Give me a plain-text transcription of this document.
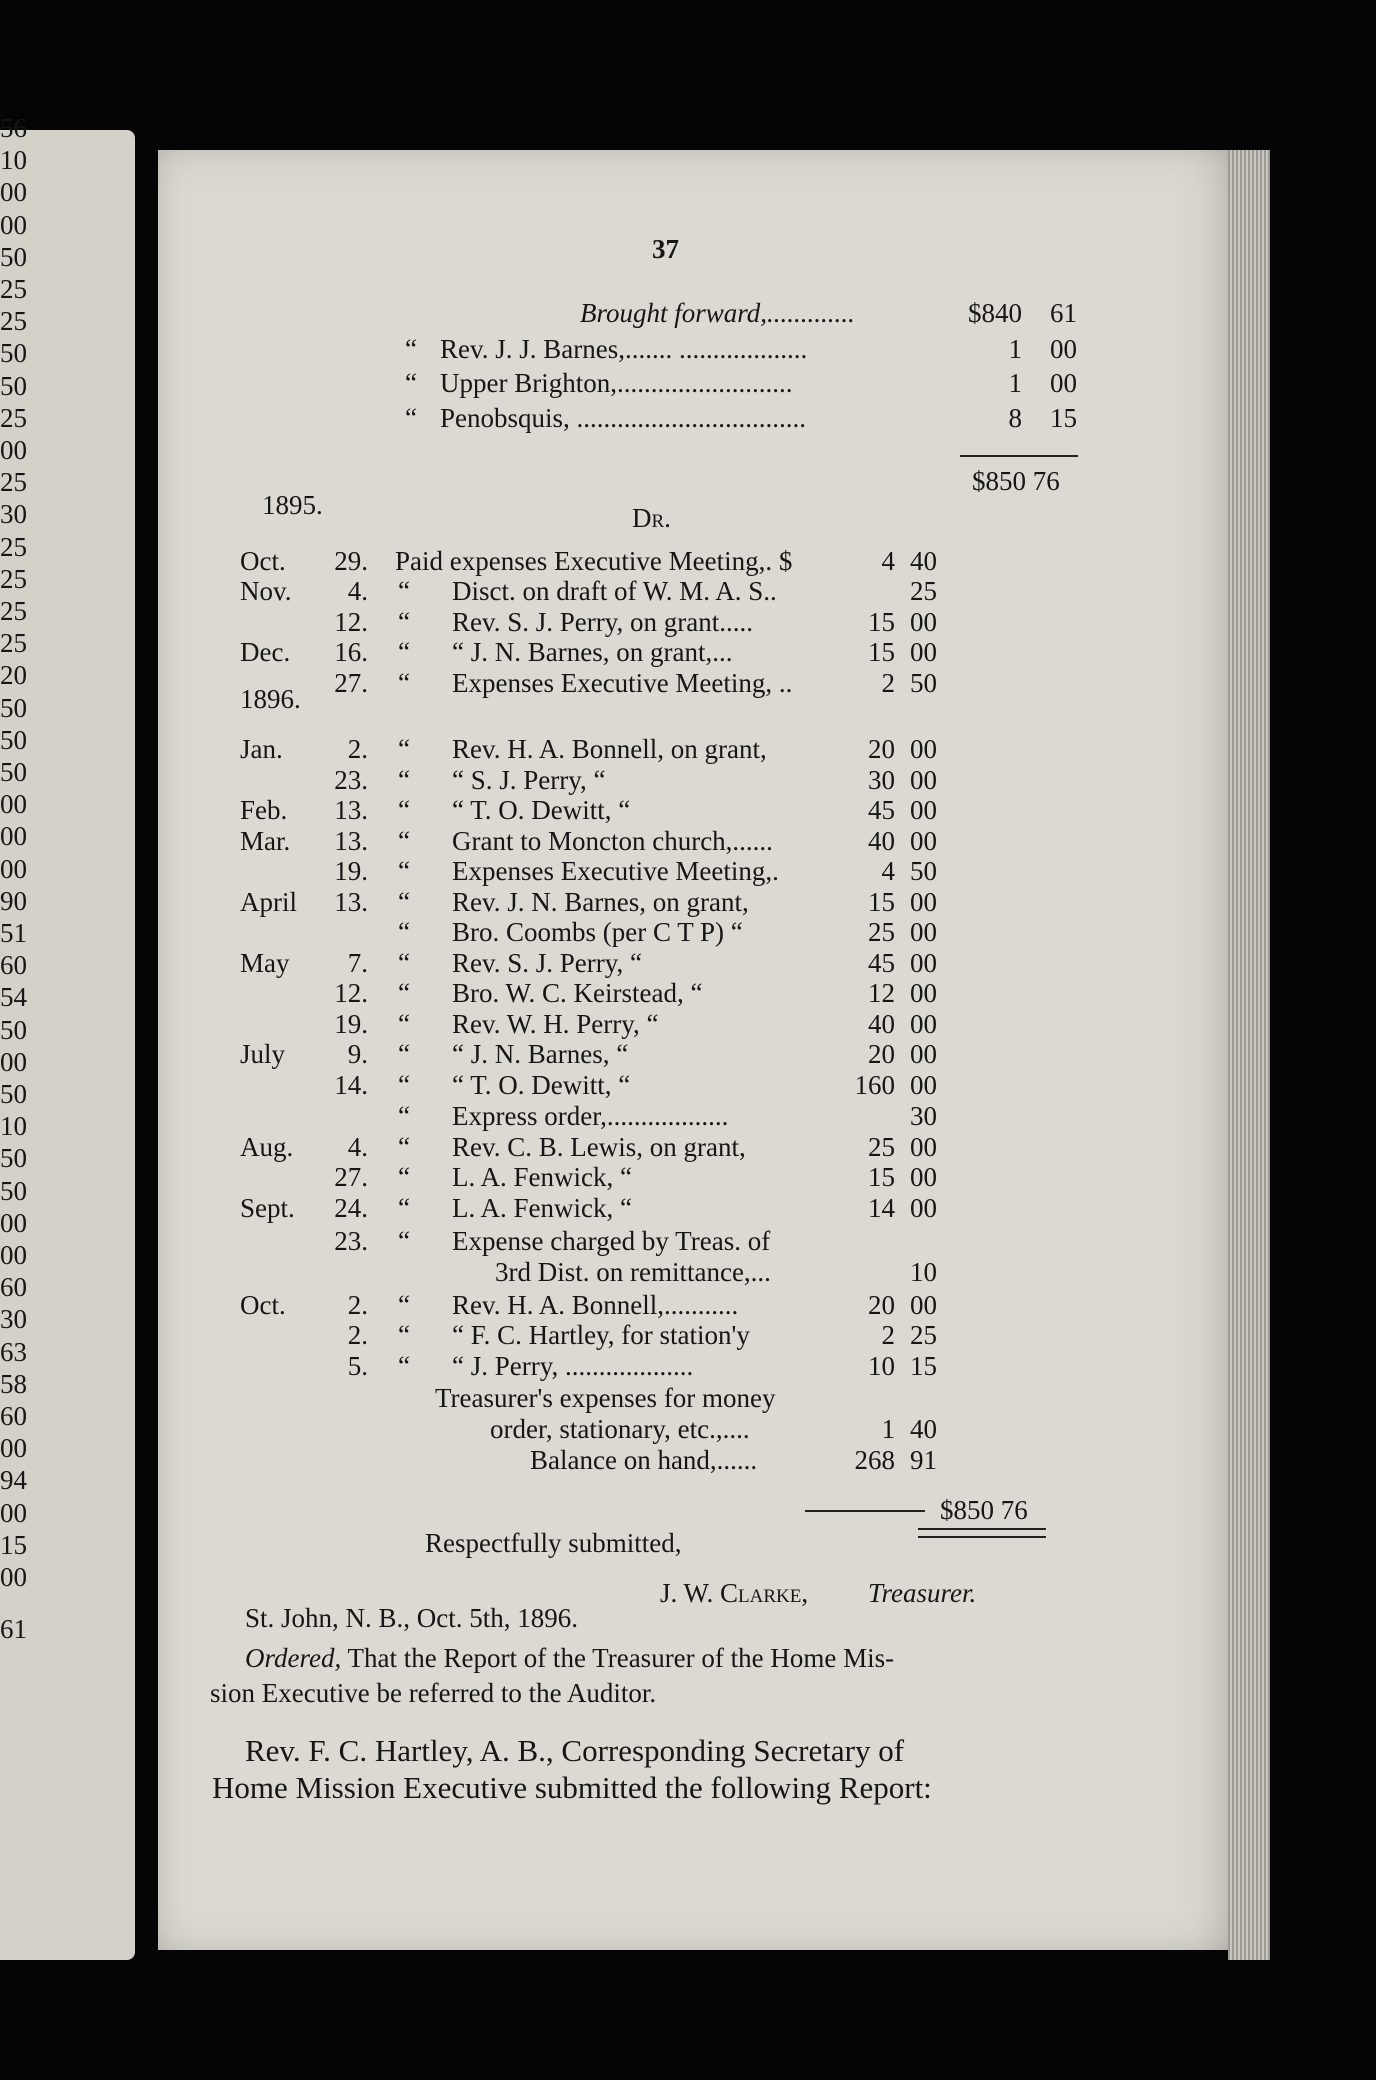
56
10
00
00
50
25
25
50
50
25
00
25
30
25
25
25
25
20
50
50
50
00
00
00
90
51
60
54
50
00
50
10
50
50
00
00
60
30
63
58
60
00
94
00
15
00
61
37
Brought forward,.............	$840 61
“ Rev. J. J. Barnes,....... ...................	1 00
“ Upper Brighton,..........................	1 00
“ Penobsquis, ..................................	8 15
$850 76
1895.	Dr.
Oct. 29. Paid expenses Executive Meeting,. $	4 40
Nov. 4. “ Disct. on draft of W. M. A. S..	25
12. “ Rev. S. J. Perry, on grant.....	15 00
Dec. 16. “ “ J. N. Barnes, on grant,...	15 00
27. “ Expenses Executive Meeting, ..	2 50
Jan. 2. “ Rev. H. A. Bonnell, on grant,	20 00
23. “ “ S. J. Perry, “	30 00
Feb. 13. “ “ T. O. Dewitt, “	45 00
Mar. 13. “ Grant to Moncton church,......	40 00
19. “ Expenses Executive Meeting,.	4 50
April 13. “ Rev. J. N. Barnes, on grant,	15 00
“ Bro. Coombs (per C T P) “	25 00
May 7. “ Rev. S. J. Perry, “	45 00
12. “ Bro. W. C. Keirstead, “	12 00
19. “ Rev. W. H. Perry, “	40 00
July 9. “ “ J. N. Barnes, “	20 00
14. “ “ T. O. Dewitt, “	160 00
“ Express order,..................	30
Aug. 4. “ Rev. C. B. Lewis, on grant,	25 00
27. “ L. A. Fenwick, “	15 00
Sept. 24. “ L. A. Fenwick, “	14 00
23. “ Expense charged by Treas. of
3rd Dist. on remittance,...	10
Oct. 2. “ Rev. H. A. Bonnell,...........	20 00
2. “ “ F. C. Hartley, for station'y	2 25
5. “ “ J. Perry, ...................	10 15
Treasurer's expenses for money
order, stationary, etc.,....	1 40
Balance on hand,......	268 91
1896.
$850 76
Respectfully submitted,
J. W. Clarke, Treasurer.
St. John, N. B., Oct. 5th, 1896.
Ordered, That the Report of the Treasurer of the Home Mis-
sion Executive be referred to the Auditor.
Rev. F. C. Hartley, A. B., Corresponding Secretary of
Home Mission Executive submitted the following Report:
